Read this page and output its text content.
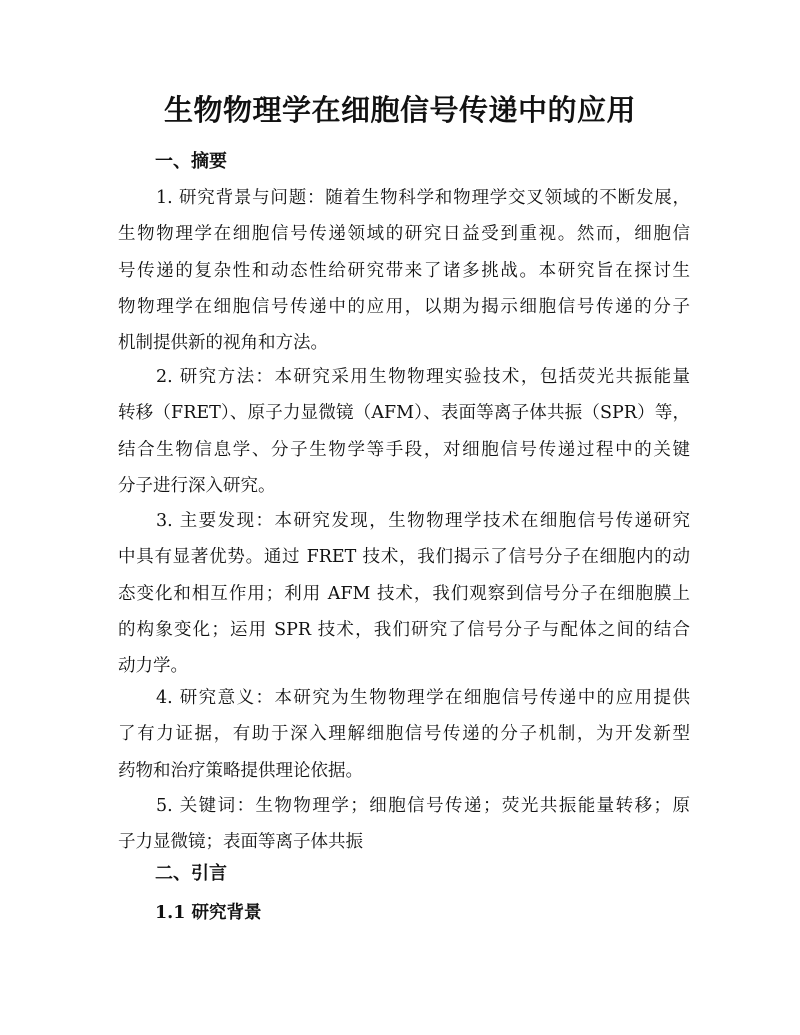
生物物理学在细胞信号传递中的应用
一、摘要
1. 研究背景与问题：随着生物科学和物理学交叉领域的不断发展，
生物物理学在细胞信号传递领域的研究日益受到重视。然而，细胞信
号传递的复杂性和动态性给研究带来了诸多挑战。本研究旨在探讨生
物物理学在细胞信号传递中的应用，以期为揭示细胞信号传递的分子
机制提供新的视角和方法。
2. 研究方法：本研究采用生物物理实验技术，包括荧光共振能量
转移（FRET）、原子力显微镜（AFM）、表面等离子体共振（SPR）等，
结合生物信息学、分子生物学等手段，对细胞信号传递过程中的关键
分子进行深入研究。
3. 主要发现：本研究发现，生物物理学技术在细胞信号传递研究
中具有显著优势。通过 FRET 技术，我们揭示了信号分子在细胞内的动
态变化和相互作用；利用 AFM 技术，我们观察到信号分子在细胞膜上
的构象变化；运用 SPR 技术，我们研究了信号分子与配体之间的结合
动力学。
4. 研究意义：本研究为生物物理学在细胞信号传递中的应用提供
了有力证据，有助于深入理解细胞信号传递的分子机制，为开发新型
药物和治疗策略提供理论依据。
5. 关键词：生物物理学；细胞信号传递；荧光共振能量转移；原
子力显微镜；表面等离子体共振
二、引言
1.1 研究背景
